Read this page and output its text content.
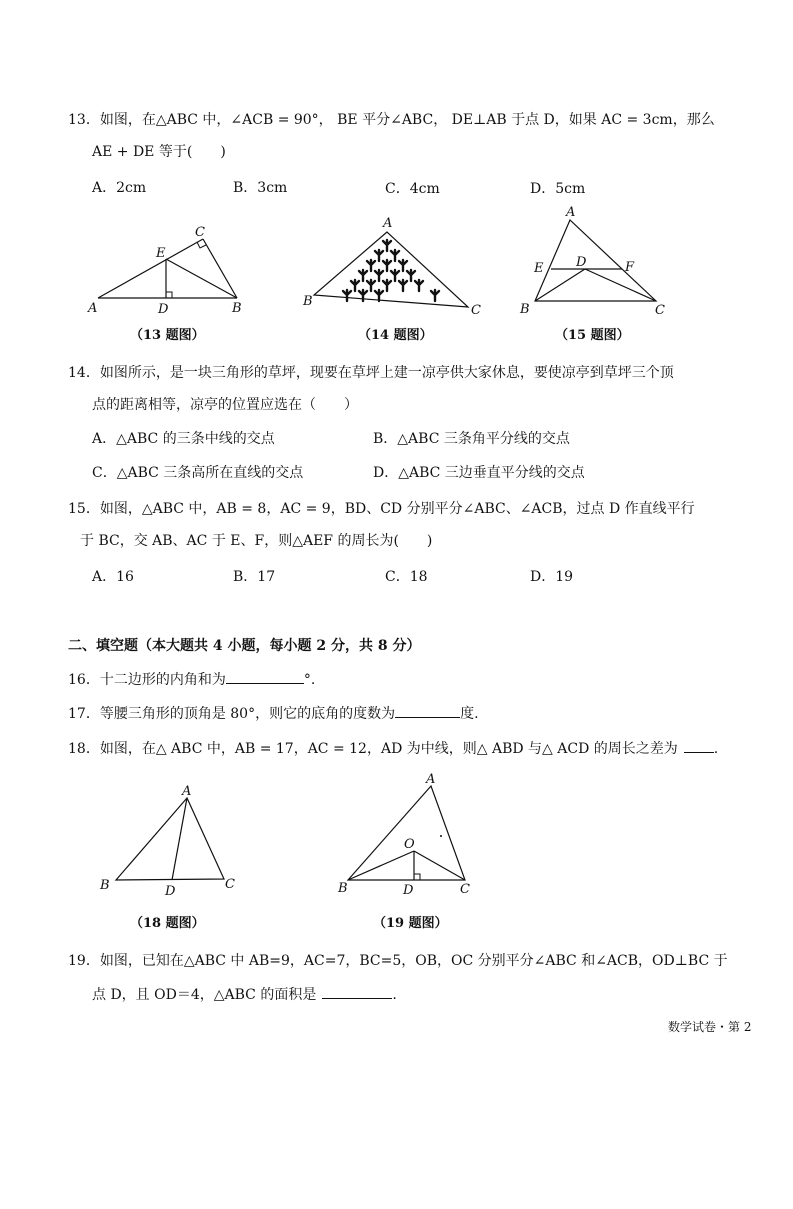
13．如图，在△ABC 中，∠ACB = 90°， BE 平分∠ABC， DE⊥AB 于点 D，如果 AC = 3cm，那么
AE + DE 等于(　　)
A．2cm	B．3cm	C．4cm	D．5cm
A	B
C
D
E
（13 题图）
A
B
C
（14 题图）
A
B	C
D
E	F
（15 题图）
14．如图所示，是一块三角形的草坪，现要在草坪上建一凉亭供大家休息，要使凉亭到草坪三个顶
点的距离相等，凉亭的位置应选在（　　）
A．△ABC 的三条中线的交点	B．△ABC 三条角平分线的交点
C．△ABC 三条高所在直线的交点	D．△ABC 三边垂直平分线的交点
15．如图，△ABC 中，AB = 8，AC = 9，BD、CD 分别平分∠ABC、∠ACB，过点 D 作直线平行
于 BC，交 AB、AC 于 E、F，则△AEF 的周长为(　　)
A．16	B．17	C．18	D．19
二、填空题（本大题共 4 小题，每小题 2 分，共 8 分）
16．十二边形的内角和为	°.
17．等腰三角形的顶角是 80°，则它的底角的度数为	度.
18．如图，在△ ABC 中，AB = 17，AC = 12，AD 为中线，则△ ABD 与△ ACD 的周长之差为	.
A
B	C
D
（18 题图）
A
B	C
D
O
（19 题图）
19．如图，已知在△ABC 中 AB=9，AC=7，BC=5，OB，OC 分别平分∠ABC 和∠ACB，OD⊥BC 于
点 D，且 OD＝4，△ABC 的面积是	.
数学试卷・第 2
